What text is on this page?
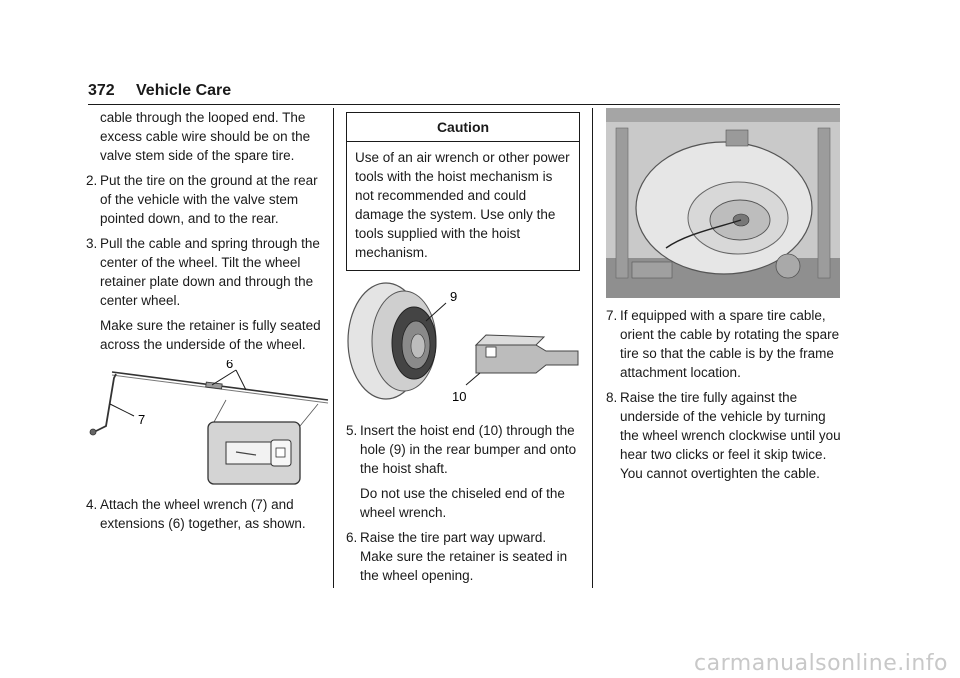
372 Vehicle Care

cable through the looped end. The excess cable wire should be on the valve stem side of the spare tire.

2. Put the tire on the ground at the rear of the vehicle with the valve stem pointed down, and to the rear.
3. Pull the cable and spring through the center of the wheel. Tilt the wheel retainer plate down and through the center wheel.

Make sure the retainer is fully seated across the underside of the wheel.

6
7
4. Attach the wheel wrench (7) and extensions (6) together, as shown.
Caution
Use of an air wrench or other power tools with the hoist mechanism is not recommended and could damage the system. Use only the tools supplied with the hoist mechanism.
9
10
5. Insert the hoist end (10) through the hole (9) in the rear bumper and onto the hoist shaft.

Do not use the chiseled end of the wheel wrench.

6. Raise the tire part way upward. Make sure the retainer is seated in the wheel opening.
7. If equipped with a spare tire cable, orient the cable by rotating the spare tire so that the cable is by the frame attachment location.
8. Raise the tire fully against the underside of the vehicle by turning the wheel wrench clockwise until you hear two clicks or feel it skip twice. You cannot overtighten the cable.
carmanualsonline.info
